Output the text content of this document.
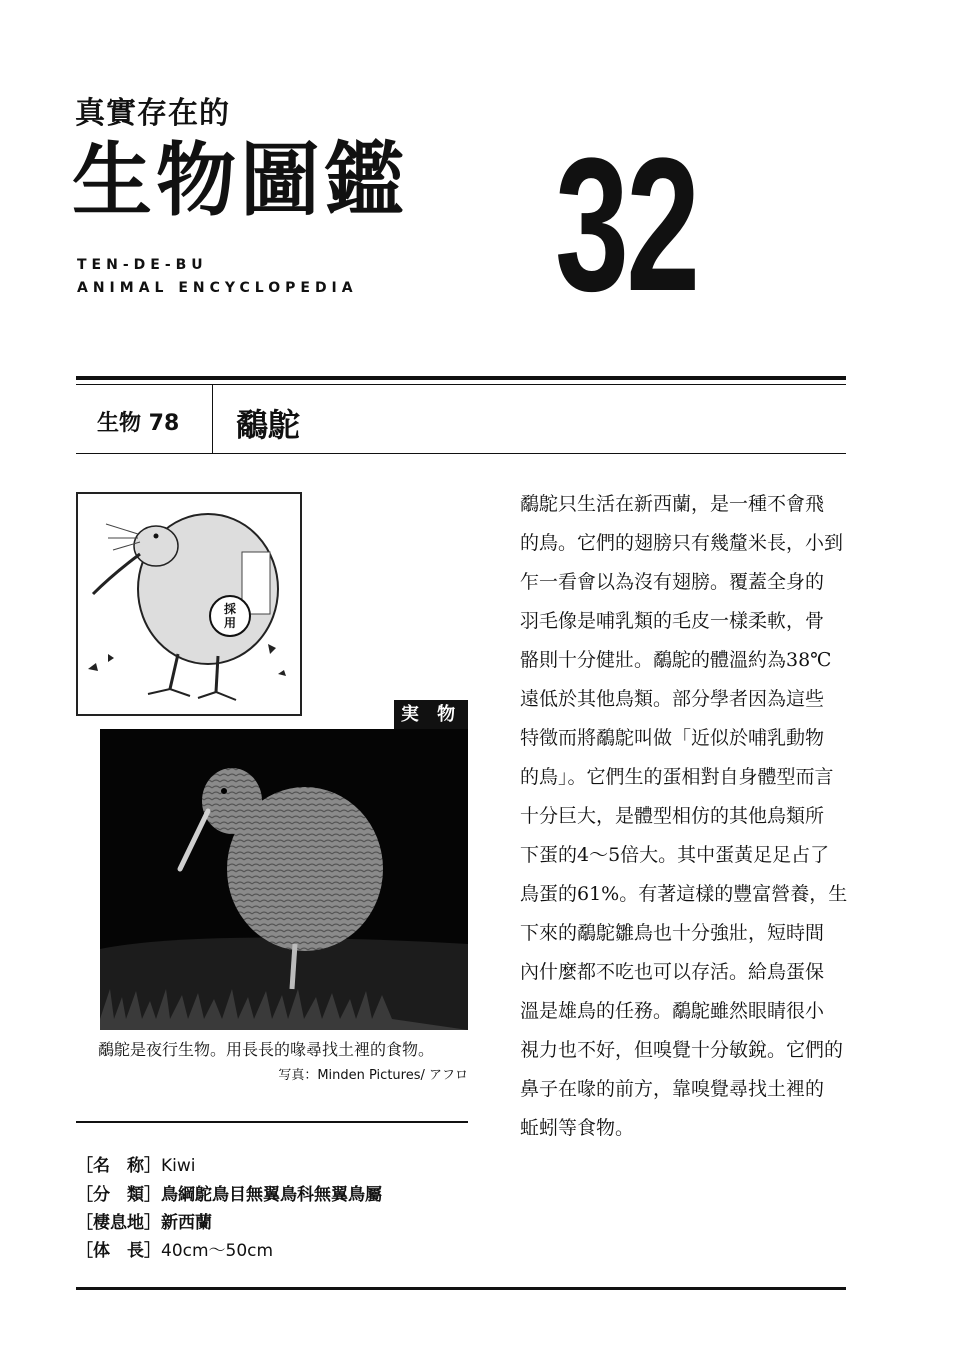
真實存在的
生物圖鑑
TEN-DE-BU
ANIMAL ENCYCLOPEDIA 32
生物 78 鷸鴕
採用
実 物
鷸鴕是夜行生物。用長長的喙尋找土裡的食物。
写真：Minden Pictures/ アフロ
［名　称］Kiwi
［分　類］鳥綱鴕鳥目無翼鳥科無翼鳥屬
［棲息地］新西蘭
［体　長］40cm〜50cm
鷸鴕只生活在新西蘭，是一種不會飛
的鳥。它們的翅膀只有幾釐米長，小到
乍一看會以為沒有翅膀。覆蓋全身的
羽毛像是哺乳類的毛皮一樣柔軟，骨
骼則十分健壯。鷸鴕的體溫約為38℃
遠低於其他鳥類。部分學者因為這些
特徵而將鷸鴕叫做「近似於哺乳動物
的鳥」。它們生的蛋相對自身體型而言
十分巨大，是體型相仿的其他鳥類所
下蛋的4〜5倍大。其中蛋黃足足占了
鳥蛋的61%。有著這樣的豐富營養，生
下來的鷸鴕雛鳥也十分強壯，短時間
內什麼都不吃也可以存活。給鳥蛋保
溫是雄鳥的任務。鷸鴕雖然眼睛很小
視力也不好，但嗅覺十分敏銳。它們的
鼻子在喙的前方，靠嗅覺尋找土裡的
蚯蚓等食物。
